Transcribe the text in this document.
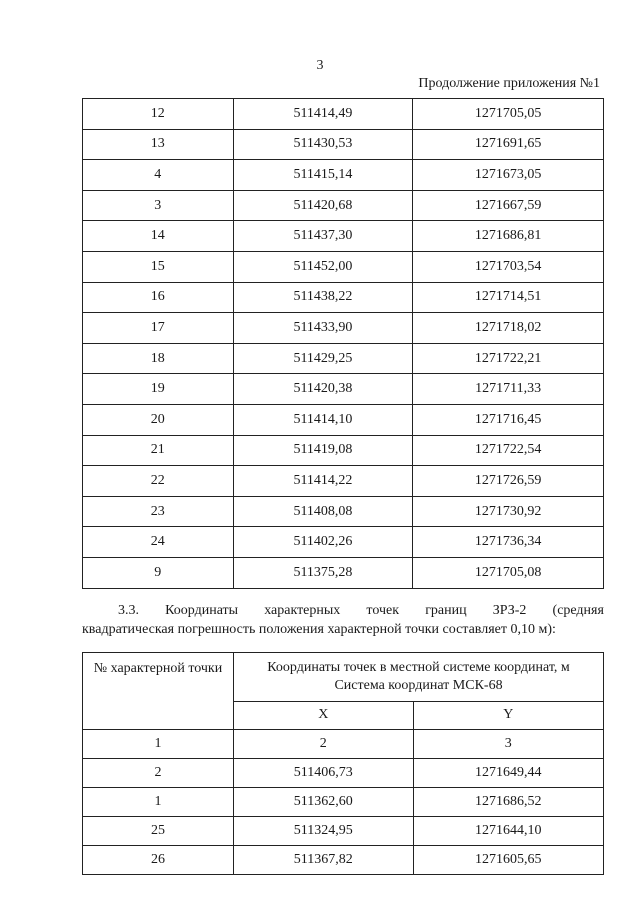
3
Продолжение приложения №1
12	511414,49	1271705,05
13	511430,53	1271691,65
4	511415,14	1271673,05
3	511420,68	1271667,59
14	511437,30	1271686,81
15	511452,00	1271703,54
16	511438,22	1271714,51
17	511433,90	1271718,02
18	511429,25	1271722,21
19	511420,38	1271711,33
20	511414,10	1271716,45
21	511419,08	1271722,54
22	511414,22	1271726,59
23	511408,08	1271730,92
24	511402,26	1271736,34
9	511375,28	1271705,08
3.3. Координаты характерных точек границ ЗРЗ-2 (средняя
квадратическая погрешность положения характерной точки составляет 0,10 м):
№ характерной точки	Координаты точек в местной системе координат, м
Система координат МСК-68	

	X	Y
1	2	3
2	511406,73	1271649,44
1	511362,60	1271686,52
25	511324,95	1271644,10
26	511367,82	1271605,65
